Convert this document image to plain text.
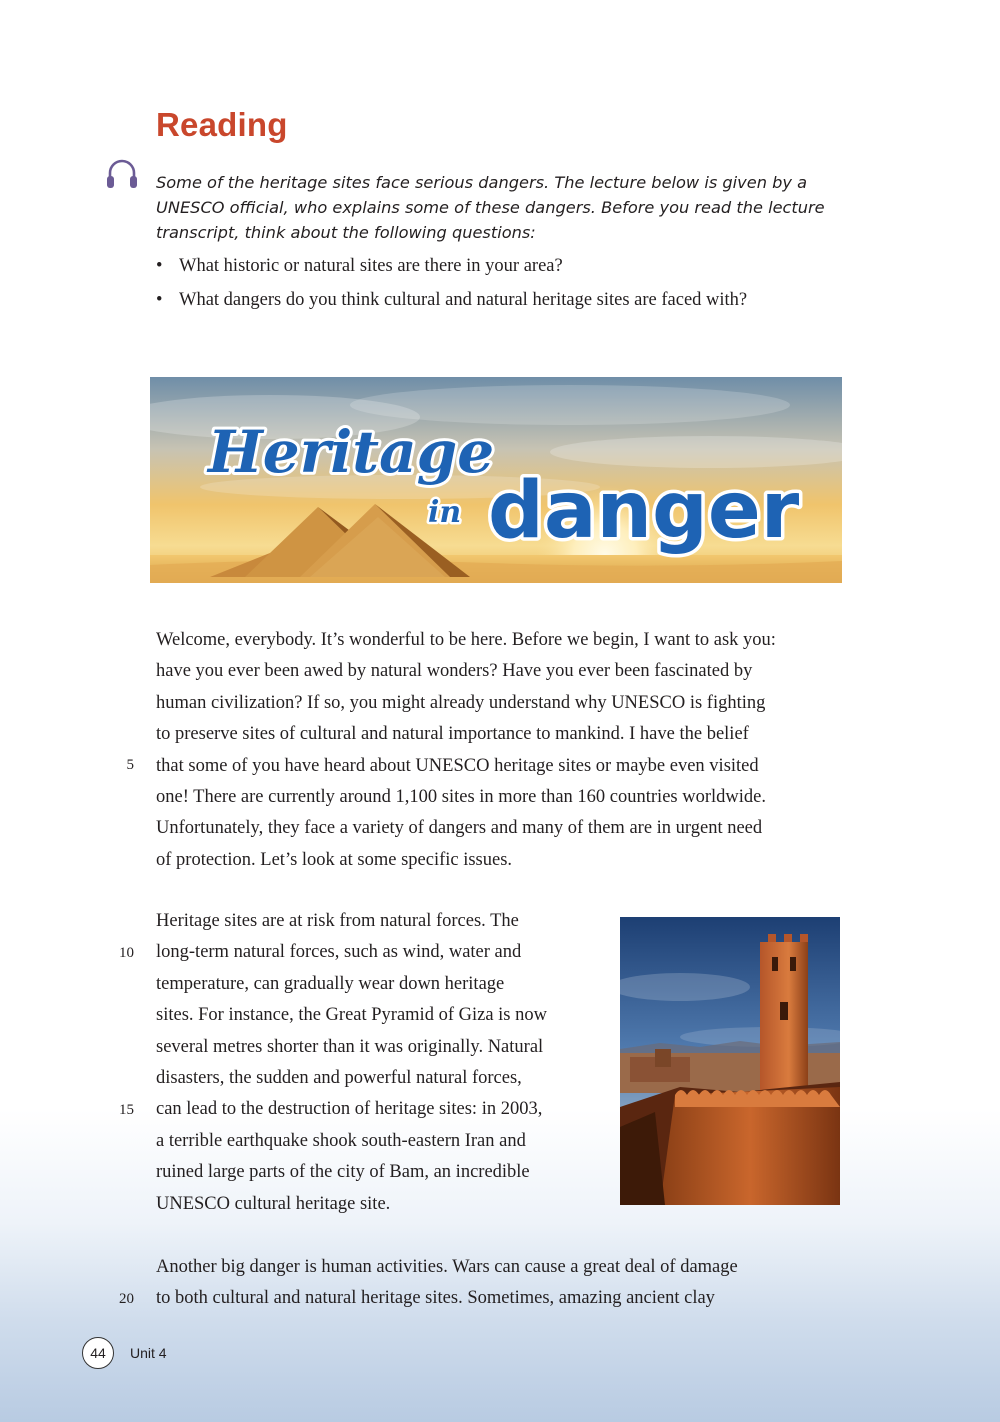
Reading

Some of the heritage sites face serious dangers. The lecture below is given by a UNESCO official, who explains some of these dangers. Before you read the lecture transcript, think about the following questions:

• What historic or natural sites are there in your area?
• What dangers do you think cultural and natural heritage sites are faced with?
Heritage
in danger
Welcome, everybody. It’s wonderful to be here. Before we begin, I want to ask you:
have you ever been awed by natural wonders? Have you ever been fascinated by
human civilization? If so, you might already understand why UNESCO is fighting
to preserve sites of cultural and natural importance to mankind. I have the belief
that some of you have heard about UNESCO heritage sites or maybe even visited
one! There are currently around 1,100 sites in more than 160 countries worldwide.
Unfortunately, they face a variety of dangers and many of them are in urgent need
of protection. Let’s look at some specific issues.
Heritage sites are at risk from natural forces. The
long-term natural forces, such as wind, water and
temperature, can gradually wear down heritage
sites. For instance, the Great Pyramid of Giza is now
several metres shorter than it was originally. Natural
disasters, the sudden and powerful natural forces,
can lead to the destruction of heritage sites: in 2003,
a terrible earthquake shook south-eastern Iran and
ruined large parts of the city of Bam, an incredible
UNESCO cultural heritage site.
Another big danger is human activities. Wars can cause a great deal of damage
to both cultural and natural heritage sites. Sometimes, amazing ancient clay
5
10
15
20
44	Unit 4
